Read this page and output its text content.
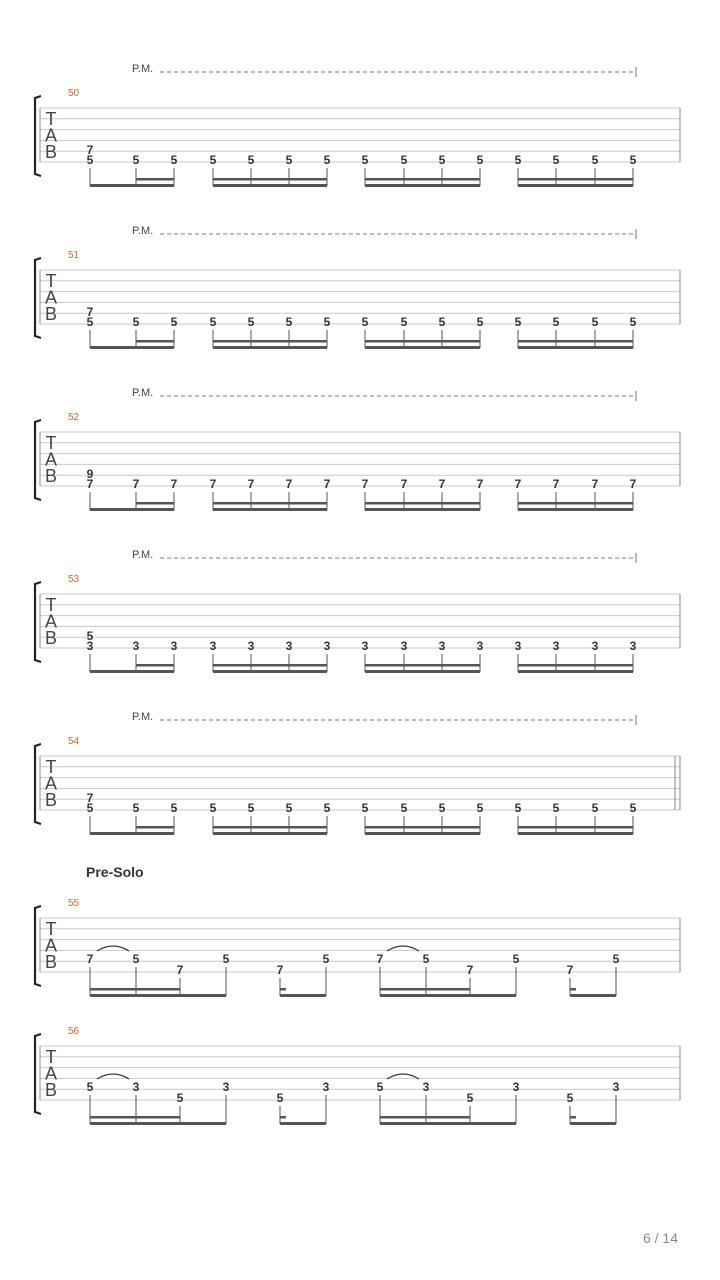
T
A
B
50
P.M.
7
5	5	5	5	5	5	5	5	5	5	5	5	5	5	5
T
A
B
51
P.M.
7
5	5	5	5	5	5	5	5	5	5	5	5	5	5	5
T
A
B
52
P.M.
9
7	7	7	7	7	7	7	7	7	7	7	7	7	7	7
T
A
B
53
P.M.
5
3	3	3	3	3	3	3	3	3	3	3	3	3	3	3
T
A
B
54
P.M.
7
5	5	5	5	5	5	5	5	5	5	5	5	5	5	5
T
A
B
55
7	5
7
5
7
5	7	5
7
5
7
5
T
A
B
56
5	3
5
3
5
3	5	3
5
3
5
3
Pre-Solo
6 / 14
